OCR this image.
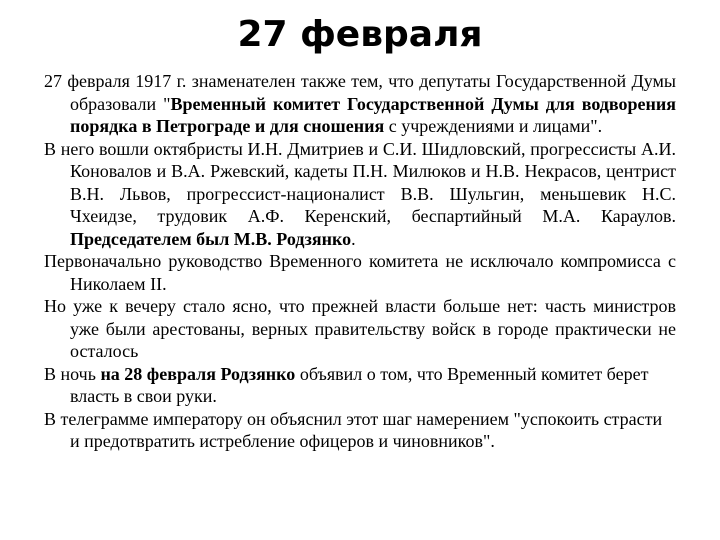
27 февраля

27 февраля 1917 г. знаменателен также тем, что депутаты Государственной Думы образовали "Временный комитет Государственной Думы для водворения порядка в Петрограде и для сношения с учреждениями и лицами".

В него вошли октябристы И.Н. Дмитриев и С.И. Шидловский, прогрессисты А.И. Коновалов и В.А. Ржевский, кадеты П.Н. Милюков и Н.В. Некрасов, центрист В.Н. Львов, прогрессист-националист В.В. Шульгин, меньшевик Н.С. Чхеидзе, трудовик А.Ф. Керенский, беспартийный М.А. Караулов. Председателем был М.В. Родзянко.

Первоначально руководство Временного комитета не исключало компромисса с Николаем II.

Но уже к вечеру стало ясно, что прежней власти больше нет: часть министров уже были арестованы, верных правительству войск в городе практически не осталось

В ночь на 28 февраля Родзянко объявил о том, что Временный комитет берет власть в свои руки.

В телеграмме императору он объяснил этот шаг намерением "успокоить страсти и предотвратить истребление офицеров и чиновников".
